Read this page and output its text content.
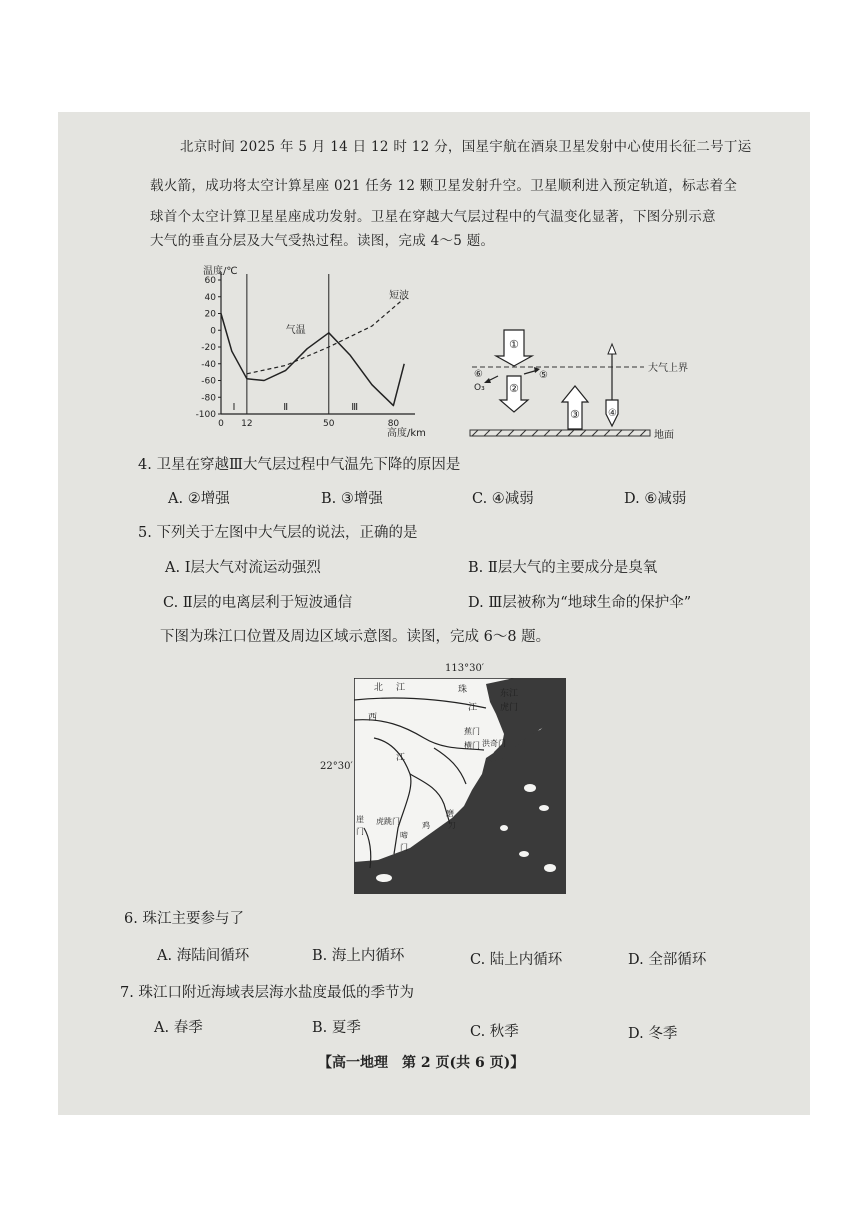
北京时间 2025 年 5 月 14 日 12 时 12 分，国星宇航在酒泉卫星发射中心使用长征二号丁运
载火箭，成功将太空计算星座 021 任务 12 颗卫星发射升空。卫星顺利进入预定轨道，标志着全
球首个太空计算卫星星座成功发射。卫星在穿越大气层过程中的气温变化显著，下图分别示意
大气的垂直分层及大气受热过程。读图，完成 4～5 题。
温度/℃
高度/km
60
40
20
0
-20
-40
-60
-80
-100
0 12	50	80
Ⅰ	Ⅱ	Ⅲ
气温
短波
大气上界
地面
①
②
⑤
⑥
O₃
③	④
4. 卫星在穿越Ⅲ大气层过程中气温先下降的原因是
A. ②增强	B. ③增强	C. ④减弱	D. ⑥减弱
5. 下列关于左图中大气层的说法，正确的是
A. Ⅰ层大气对流运动强烈	B. Ⅱ层大气的主要成分是臭氧
C. Ⅱ层的电离层利于短波通信	D. Ⅲ层被称为“地球生命的保护伞”
下图为珠江口位置及周边区域示意图。读图，完成 6～8 题。
113°30′
22°30′
北 江	珠	东江
西
江	虎门
蕉门
横门 洪奇门
江
虎跳门	鸡
啼
门
磨
刀
崖
门
6. 珠江主要参与了
A. 海陆间循环	B. 海上内循环	C. 陆上内循环	D. 全部循环
7. 珠江口附近海域表层海水盐度最低的季节为
A. 春季	B. 夏季	C. 秋季	D. 冬季
【高一地理　第 2 页(共 6 页)】
